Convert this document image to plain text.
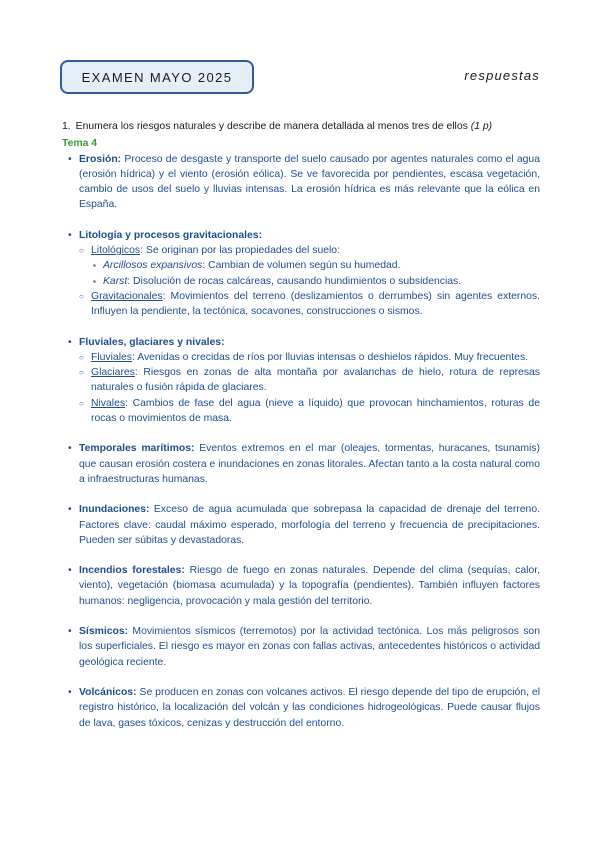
EXAMEN MAYO 2025	respuestas
1. Enumera los riesgos naturales y describe de manera detallada al menos tres de ellos (1 p)
Tema 4
• Erosión: Proceso de desgaste y transporte del suelo causado por agentes naturales como el agua (erosión hídrica) y el viento (erosión eólica). Se ve favorecida por pendientes, escasa vegetación, cambio de usos del suelo y lluvias intensas. La erosión hídrica es más relevante que la eólica en España.
• Litología y procesos gravitacionales:
○ Litológicos: Se originan por las propiedades del suelo:
▪ Arcillosos expansivos: Cambian de volumen según su humedad.
▪ Karst: Disolución de rocas calcáreas, causando hundimientos o subsidencias.
○ Gravitacionales: Movimientos del terreno (deslizamientos o derrumbes) sin agentes externos. Influyen la pendiente, la tectónica, socavones, construcciones o sismos.
• Fluviales, glaciares y nivales:
○ Fluviales: Avenidas o crecidas de ríos por lluvias intensas o deshielos rápidos. Muy frecuentes.
○ Glaciares: Riesgos en zonas de alta montaña por avalanchas de hielo, rotura de represas naturales o fusión rápida de glaciares.
○ Nivales: Cambios de fase del agua (nieve a líquido) que provocan hinchamientos, roturas de rocas o movimientos de masa.
• Temporales marítimos: Eventos extremos en el mar (oleajes, tormentas, huracanes, tsunamis) que causan erosión costera e inundaciones en zonas litorales. Afectan tanto a la costa natural como a infraestructuras humanas.
• Inundaciones: Exceso de agua acumulada que sobrepasa la capacidad de drenaje del terreno. Factores clave: caudal máximo esperado, morfología del terreno y frecuencia de precipitaciones. Pueden ser súbitas y devastadoras.
• Incendios forestales: Riesgo de fuego en zonas naturales. Depende del clima (sequías, calor, viento), vegetación (biomasa acumulada) y la topografía (pendientes). También influyen factores humanos: negligencia, provocación y mala gestión del territorio.
• Sísmicos: Movimientos sísmicos (terremotos) por la actividad tectónica. Los más peligrosos son los superficiales. El riesgo es mayor en zonas con fallas activas, antecedentes históricos o actividad geológica reciente.
• Volcánicos: Se producen en zonas con volcanes activos. El riesgo depende del tipo de erupción, el registro histórico, la localización del volcán y las condiciones hidrogeológicas. Puede causar flujos de lava, gases tóxicos, cenizas y destrucción del entorno.
